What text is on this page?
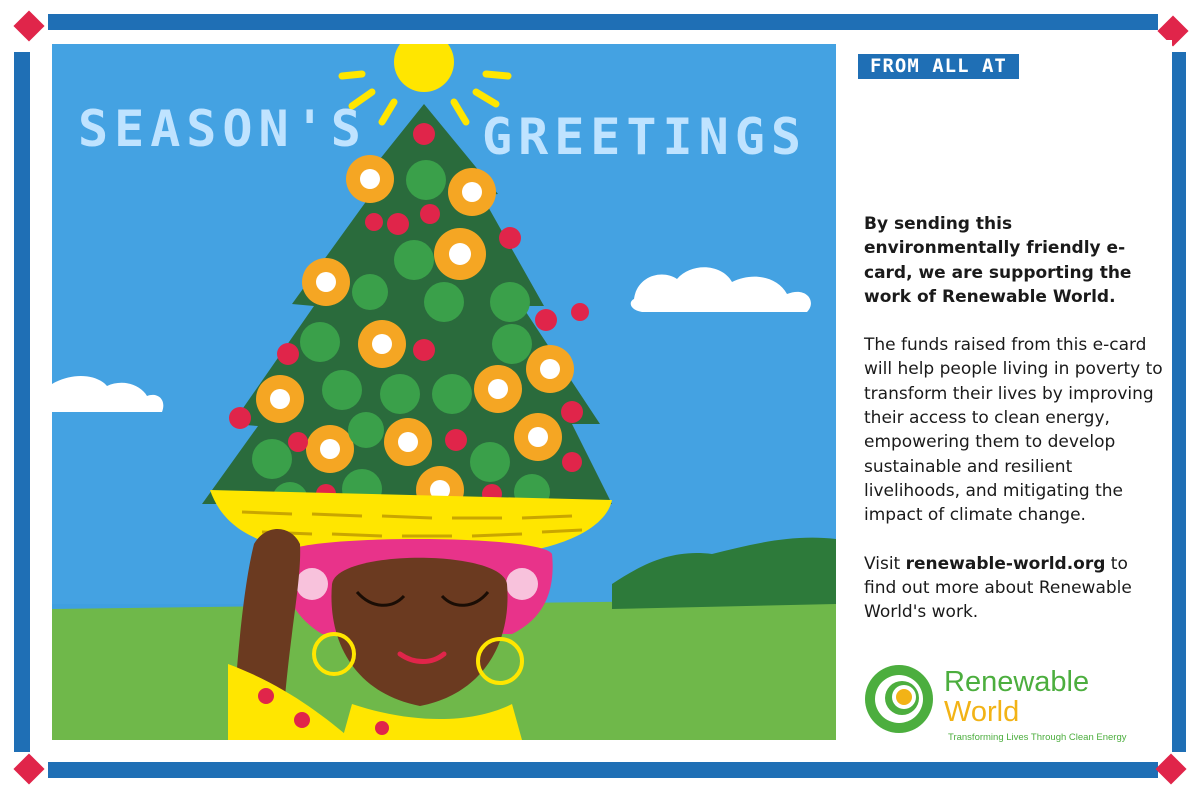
SEASON'S GREETINGS
FROM ALL AT

By sending this environmentally friendly e-card, we are supporting the work of Renewable World.

The funds raised from this e-card will help people living in poverty to transform their lives by improving their access to clean energy, empowering them to develop sustainable and resilient livelihoods, and mitigating the impact of climate change.

Visit renewable-world.org to find out more about Renewable World's work.

Renewable
World
Transforming Lives Through Clean Energy
